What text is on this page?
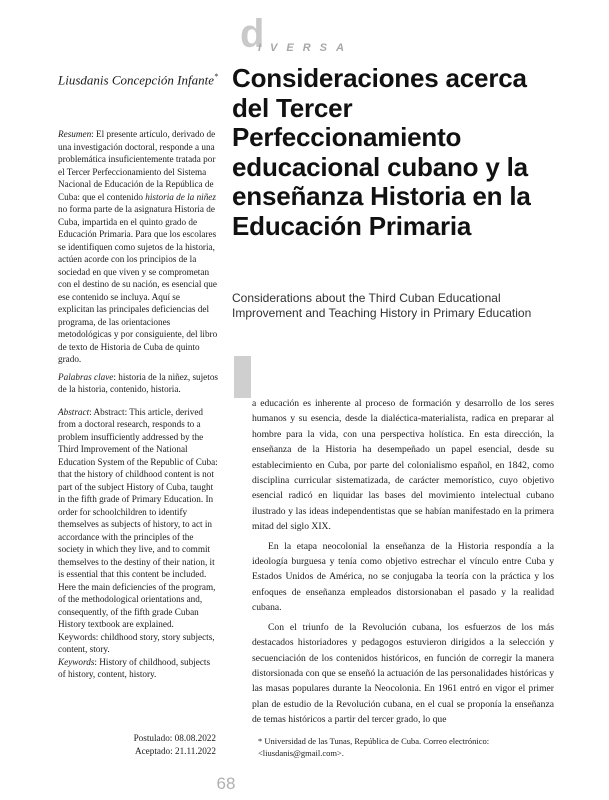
d
IVERSA
Liusdanis Concepción Infante*

Resumen: El presente artículo, derivado de una investigación doctoral, responde a una problemática insuficientemente tratada por el Tercer Perfeccionamiento del Sistema Nacional de Educación de la República de Cuba: que el contenido historia de la niñez no forma parte de la asignatura Historia de Cuba, impartida en el quinto grado de Educación Primaria. Para que los escolares se identifiquen como sujetos de la historia, actúen acorde con los principios de la sociedad en que viven y se comprometan con el destino de su nación, es esencial que ese contenido se incluya. Aquí se explicitan las principales deficiencias del programa, de las orientaciones metodológicas y por consiguiente, del libro de texto de Historia de Cuba de quinto grado.

Palabras clave: historia de la niñez, sujetos de la historia, contenido, historia.

Abstract: Abstract: This article, derived from a doctoral research, responds to a problem insufficiently addressed by the Third Improvement of the National Education System of the Republic of Cuba: that the history of childhood content is not part of the subject History of Cuba, taught in the fifth grade of Primary Education. In order for schoolchildren to identify themselves as subjects of history, to act in accordance with the principles of the society in which they live, and to commit themselves to the destiny of their nation, it is essential that this content be included. Here the main deficiencies of the program, of the methodological orientations and, consequently, of the fifth grade Cuban History textbook are explained.
Keywords: childhood story, story subjects, content, story.
Keywords: History of childhood, subjects of history, content, history.

Postulado: 08.08.2022
Aceptado: 21.11.2022
Consideraciones acerca del Tercer Perfeccionamiento educacional cubano y la enseñanza Historia en la Educación Primaria
Considerations about the Third Cuban Educational Improvement and Teaching History in Primary Education

a educación es inherente al proceso de formación y desarrollo de los seres humanos y su esencia, desde la dialéctica-materialista, radica en preparar al hombre para la vida, con una perspectiva holística. En esta dirección, la enseñanza de la Historia ha desempeñado un papel esencial, desde su establecimiento en Cuba, por parte del colonialismo español, en 1842, como disciplina curricular sistematizada, de carácter memorístico, cuyo objetivo esencial radicó en liquidar las bases del movimiento intelectual cubano ilustrado y las ideas independentistas que se habían manifestado en la primera mitad del siglo XIX.

En la etapa neocolonial la enseñanza de la Historia respondía a la ideología burguesa y tenía como objetivo estrechar el vínculo entre Cuba y Estados Unidos de América, no se conjugaba la teoría con la práctica y los enfoques de enseñanza empleados distorsionaban el pasado y la realidad cubana.

Con el triunfo de la Revolución cubana, los esfuerzos de los más destacados historiadores y pedagogos estuvieron dirigidos a la selección y secuenciación de los contenidos históricos, en función de corregir la manera distorsionada con que se enseñó la actuación de las personalidades históricas y las masas populares durante la Neocolonia. En 1961 entró en vigor el primer plan de estudio de la Revolución cubana, en el cual se proponía la enseñanza de temas históricos a partir del tercer grado, lo que

* Universidad de las Tunas, República de Cuba. Correo electrónico: <liusdanis@gmail.com>.
68
